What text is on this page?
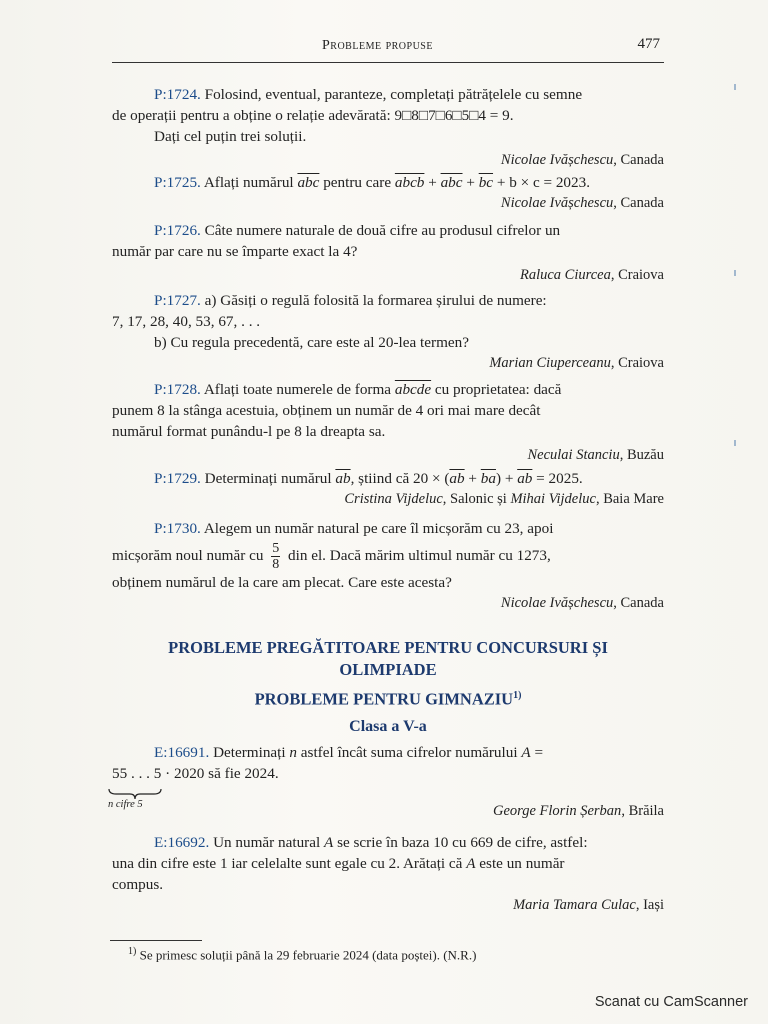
Probleme propuse	477
P:1724. Folosind, eventual, paranteze, completați pătrățelele cu semne
de operații pentru a obține o relație adevărată: 9□8□7□6□5□4 = 9.
Dați cel puțin trei soluții.
Nicolae Ivășchescu, Canada
P:1725. Aflați numărul $\overline{abc}$ pentru care abcb + $\overline{abc} + \overline{bc} + b \times c = 2023$.
Nicolae Ivășchescu, Canada
P:1726. Câte numere naturale de două cifre au produsul cifrelor un
număr par care nu se împarte exact la 4?
Raluca Ciurcea, Craiova
P:1727. a) Găsiți o regulă folosită la formarea șirului de numere:
7, 17, 28, 40, 53, 67, . . .
b) Cu regula precedentă, care este al 20-lea termen?
Marian Ciuperceanu, Craiova
P:1728. Aflați toate numerele de forma abcde cu proprietatea: dacă
punem 8 la stânga acestuia, obținem un număr de 4 ori mai mare decât
numărul format punându-l pe 8 la dreapta sa.
Neculai Stanciu, Buzău
P:1729. Determinați numărul $\overline{ab}$, știind că $20 \times (\overline{ab} + \overline{ba}) + \overline{ab} = 2025$.
Cristina Vijdeluc, Salonic și Mihai Vijdeluc, Baia Mare
P:1730. Alegem un număr natural pe care îl micșorăm cu 23, apoi
micșorăm noul număr cu $\frac{5}{8}$ din el. Dacă mărim ultimul număr cu 1273,
obținem numărul de la care am plecat. Care este acesta?
Nicolae Ivășchescu, Canada
PROBLEME PREGĂTITOARE PENTRU CONCURSURI ȘI
OLIMPIADE
PROBLEME PENTRU GIMNAZIU$^{1)}$
Clasa a V-a
E:16691. Determinați n astfel încât suma cifrelor numărului A =
55 . . . 5 · 2020 să fie 2024.
n cifre 5	George Florin Șerban, Brăila
E:16692. Un număr natural A se scrie în baza 10 cu 669 de cifre, astfel:
una din cifre este 1 iar celelalte sunt egale cu 2. Arătați că A este un număr
compus.
Maria Tamara Culac, Iași
$^{1)}$ Se primesc soluții până la 29 februarie 2024 (data poștei). (N.R.)
Scanat cu CamScanner
